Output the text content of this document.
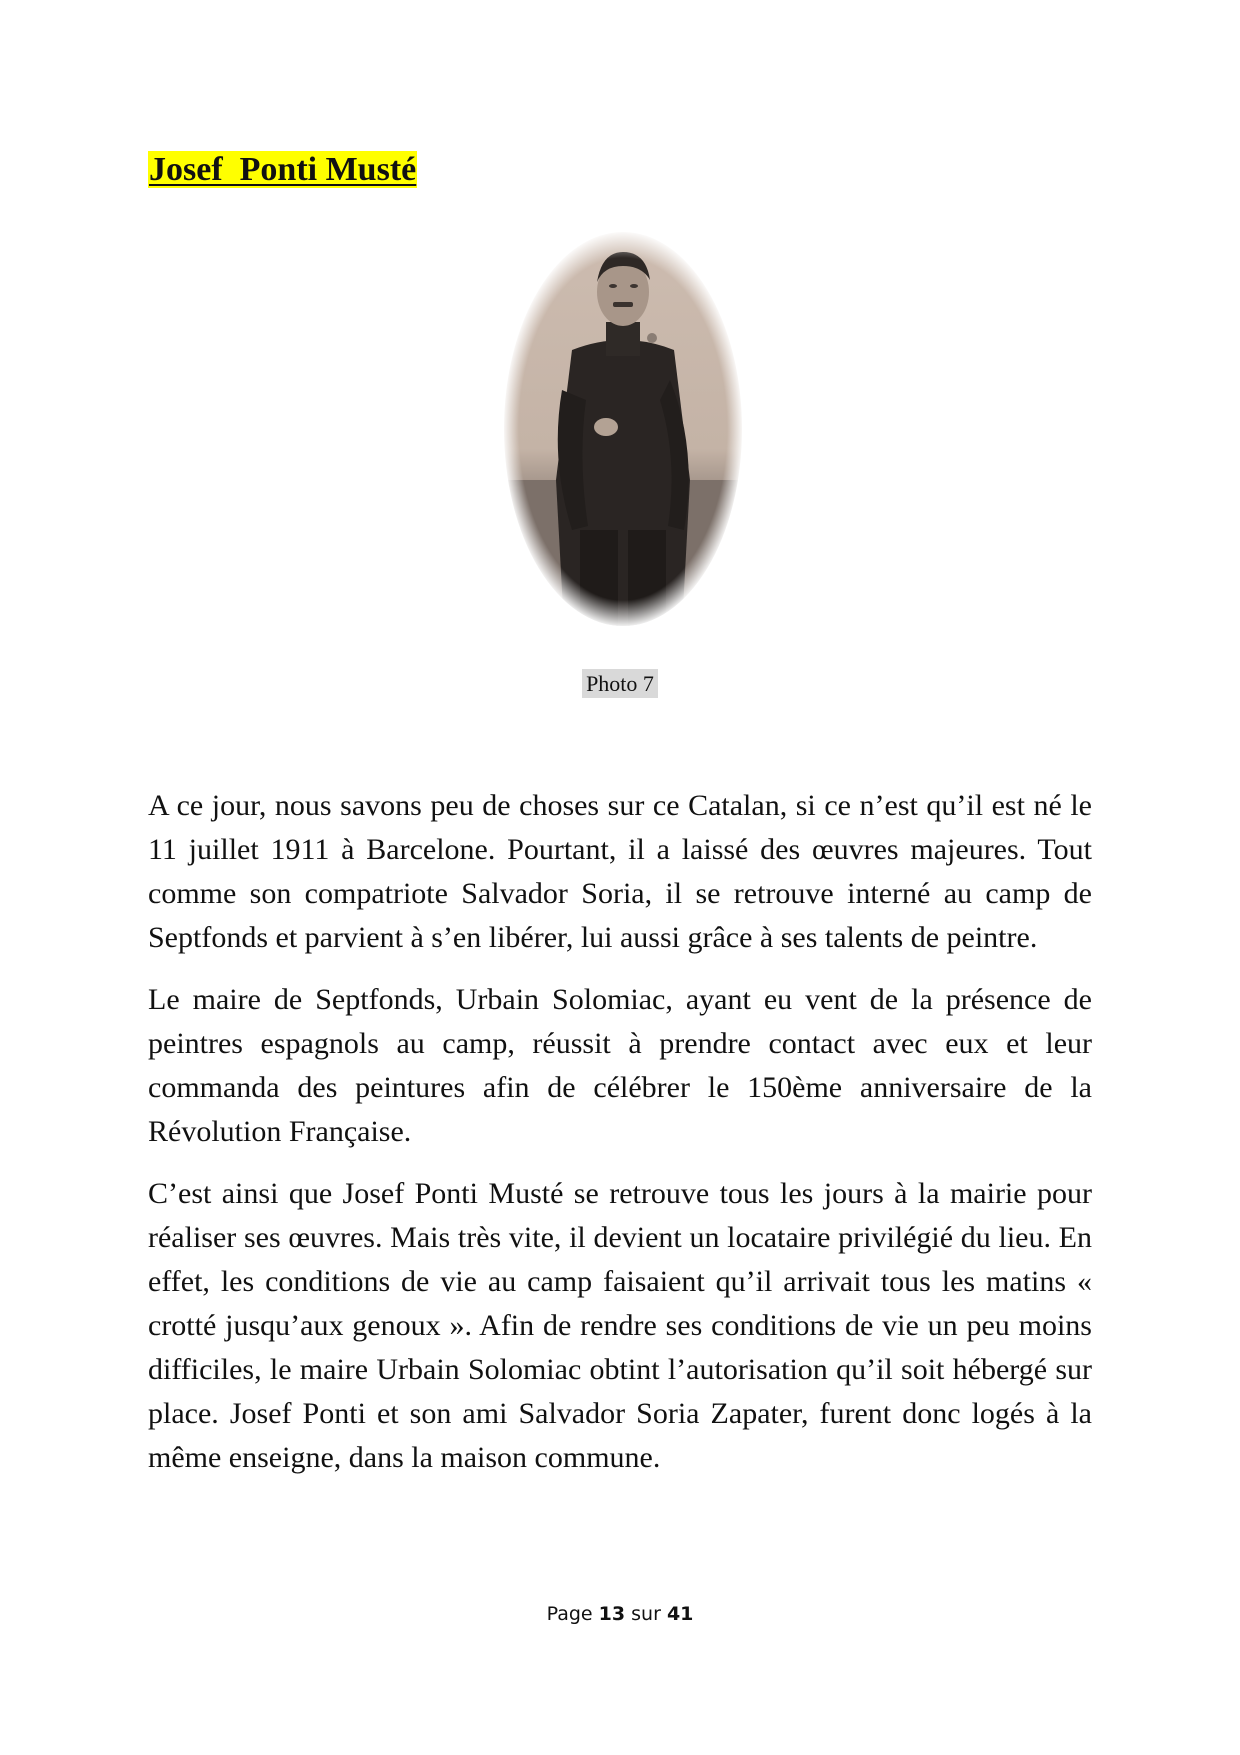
Josef  Ponti Musté
Photo 7

A ce jour, nous savons peu de choses sur ce Catalan, si ce n’est qu’il est né le 11 juillet 1911 à Barcelone. Pourtant, il a laissé des œuvres majeures. Tout comme son compatriote Salvador Soria, il se retrouve interné au camp de Septfonds et parvient à s’en libérer, lui aussi grâce à ses talents de peintre.

Le maire de Septfonds, Urbain Solomiac, ayant eu vent de la présence de peintres espagnols au camp, réussit à prendre contact avec eux et leur commanda des peintures afin de célébrer le 150ème anniversaire de la Révolution Française.

C’est ainsi que Josef Ponti Musté se retrouve tous les jours à la mairie pour réaliser ses œuvres. Mais très vite, il devient un locataire privilégié du lieu. En effet, les conditions de vie au camp faisaient qu’il arrivait tous les matins « crotté jusqu’aux genoux ». Afin de rendre ses conditions de vie un peu moins difficiles, le maire Urbain Solomiac obtint l’autorisation qu’il soit hébergé sur place. Josef Ponti et son ami Salvador Soria Zapater, furent donc logés à la même enseigne, dans la maison commune.

Page 13 sur 41
